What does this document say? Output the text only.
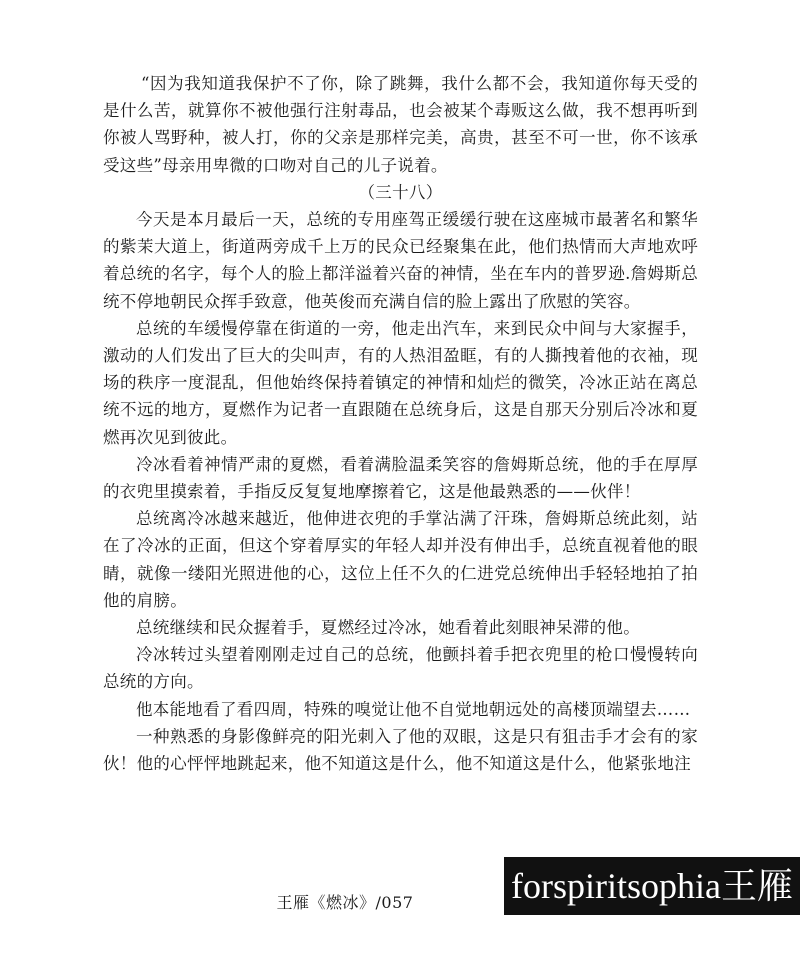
“因为我知道我保护不了你，除了跳舞，我什么都不会，我知道你每天受的是什么苦，就算你不被他强行注射毒品，也会被某个毒贩这么做，我不想再听到你被人骂野种，被人打，你的父亲是那样完美，高贵，甚至不可一世，你不该承受这些”母亲用卑微的口吻对自己的儿子说着。

（三十八）

今天是本月最后一天，总统的专用座驾正缓缓行驶在这座城市最著名和繁华的紫茉大道上，街道两旁成千上万的民众已经聚集在此，他们热情而大声地欢呼着总统的名字，每个人的脸上都洋溢着兴奋的神情，坐在车内的普罗逊.詹姆斯总统不停地朝民众挥手致意，他英俊而充满自信的脸上露出了欣慰的笑容。

总统的车缓慢停靠在街道的一旁，他走出汽车，来到民众中间与大家握手，激动的人们发出了巨大的尖叫声，有的人热泪盈眶，有的人撕拽着他的衣袖，现场的秩序一度混乱，但他始终保持着镇定的神情和灿烂的微笑，冷冰正站在离总统不远的地方，夏燃作为记者一直跟随在总统身后，这是自那天分别后冷冰和夏燃再次见到彼此。

冷冰看着神情严肃的夏燃，看着满脸温柔笑容的詹姆斯总统，他的手在厚厚的衣兜里摸索着，手指反反复复地摩擦着它，这是他最熟悉的——伙伴！

总统离冷冰越来越近，他伸进衣兜的手掌沾满了汗珠，詹姆斯总统此刻，站在了冷冰的正面，但这个穿着厚实的年轻人却并没有伸出手，总统直视着他的眼睛，就像一缕阳光照进他的心，这位上任不久的仁进党总统伸出手轻轻地拍了拍他的肩膀。

总统继续和民众握着手，夏燃经过冷冰，她看着此刻眼神呆滞的他。

冷冰转过头望着刚刚走过自己的总统，他颤抖着手把衣兜里的枪口慢慢转向总统的方向。

他本能地看了看四周，特殊的嗅觉让他不自觉地朝远处的高楼顶端望去……

一种熟悉的身影像鲜亮的阳光刺入了他的双眼，这是只有狙击手才会有的家伙！他的心怦怦地跳起来，他不知道这是什么，他不知道这是什么，他紧张地注

王雁《燃冰》/057	forspiritsophia王雁
